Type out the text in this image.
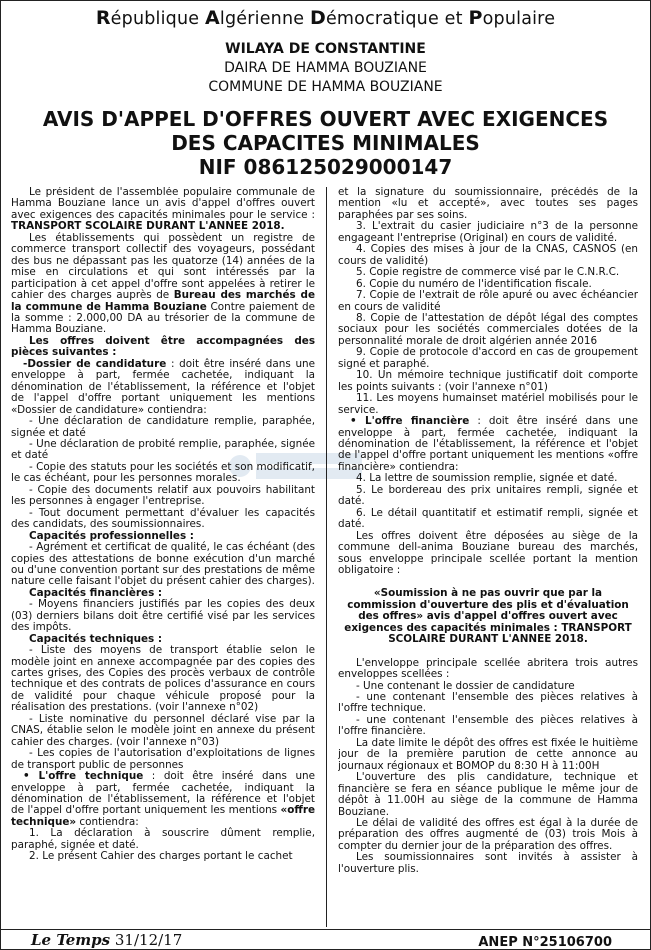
République Algérienne Démocratique et Populaire
WILAYA DE CONSTANTINE
DAIRA DE HAMMA BOUZIANE
COMMUNE DE HAMMA BOUZIANE
AVIS D'APPEL D'OFFRES OUVERT AVEC EXIGENCES
DES CAPACITES MINIMALES
NIF 086125029000147

Le président de l'assemblée populaire communale de Hamma Bouziane lance un avis d'appel d'offres ouvert avec exigences des capacités minimales pour le service : TRANSPORT SCOLAIRE DURANT L'ANNEE 2018.

Les établissements qui possèdent un registre de commerce transport collectif des voyageurs, possédant des bus ne dépassant pas les quatorze (14) années de la mise en circulations et qui sont intéressés par la participation à cet appel d'offre sont appelées à retirer le cahier des charges auprès de Bureau des marchés de la commune de Hamma Bouziane Contre paiement de la somme : 2.000,00 DA au trésorier de la commune de Hamma Bouziane.

Les offres doivent être accompagnées des pièces suivantes :

-Dossier de candidature : doit être inséré dans une enveloppe à part, fermée cachetée, indiquant la dénomination de l'établissement, la référence et l'objet de l'appel d'offre portant uniquement les mentions «Dossier de candidature» contiendra:

- Une déclaration de candidature remplie, paraphée, signée et daté

- Une déclaration de probité remplie, paraphée, signée et daté

- Copie des statuts pour les sociétés et son modificatif, le cas échéant, pour les personnes morales.

- Copie des documents relatif aux pouvoirs habilitant les personnes à engager l'entreprise.

- Tout document permettant d'évaluer les capacités des candidats, des soumissionnaires.

Capacités professionnelles :

- Agrément et certificat de qualité, le cas échéant (des copies des attestations de bonne exécution d'un marché ou d'une convention portant sur des prestations de même nature celle faisant l'objet du présent cahier des charges).

Capacités financières :

- Moyens financiers justifiés par les copies des deux (03) derniers bilans doit être certifié visé par les services des impôts.

Capacités techniques :

- Liste des moyens de transport établie selon le modèle joint en annexe accompagnée par des copies des cartes grises, des Copies des procès verbaux de contrôle technique et des contrats de polices d'assurance en cours de validité pour chaque véhicule proposé pour la réalisation des prestations. (voir l'annexe n°02)

- Liste nominative du personnel déclaré vise par la CNAS, établie selon le modèle joint en annexe du présent cahier des charges. (voir l'annexe n°03)

- Les copies de l'autorisation d'exploitations de lignes de transport public de personnes

• L'offre technique : doit être inséré dans une enveloppe à part, fermée cachetée, indiquant la dénomination de l'établissement, la référence et l'objet de l'appel d'offre portant uniquement les mentions «offre technique» contiendra:

1. La déclaration à souscrire dûment remplie, paraphé, signée et daté.

2. Le présent Cahier des charges portant le cachet

et la signature du soumissionnaire, précédés de la mention «lu et accepté», avec toutes ses pages paraphées par ses soins.

3. L'extrait du casier judiciaire n°3 de la personne engageant l'entreprise (Original) en cours de validité.

4. Copies des mises à jour de la CNAS, CASNOS (en cours de validité)

5. Copie registre de commerce visé par le C.N.R.C.

6. Copie du numéro de l'identification fiscale.

7. Copie de l'extrait de rôle apuré ou avec échéancier en cours de validité

8. Copie de l'attestation de dépôt légal des comptes sociaux pour les sociétés commerciales dotées de la personnalité morale de droit algérien année 2016

9. Copie de protocole d'accord en cas de groupement signé et paraphé.

10. Un mémoire technique justificatif doit comporte les points suivants : (voir l'annexe n°01)

11. Les moyens humainset matériel mobilisés pour le service.

• L'offre financière : doit être inséré dans une enveloppe à part, fermée cachetée, indiquant la dénomination de l'établissement, la référence et l'objet de l'appel d'offre portant uniquement les mentions «offre financière» contiendra:

4. La lettre de soumission remplie, signée et daté.

5. Le bordereau des prix unitaires rempli, signée et daté.

6. Le détail quantitatif et estimatif rempli, signée et daté.

Les offres doivent être déposées au siège de la commune dell-anima Bouziane bureau des marchés, sous enveloppe principale scellée portant la mention obligatoire :

«Soumission à ne pas ouvrir que par la commission d'ouverture des plis et d'évaluation des offres» avis d'appel d'offres ouvert avec exigences des capacités minimales : TRANSPORT SCOLAIRE DURANT L'ANNEE 2018.

L'enveloppe principale scellée abritera trois autres enveloppes scellées :

- Une contenant le dossier de candidature

- une contenant l'ensemble des pièces relatives à l'offre technique.

- une contenant l'ensemble des pièces relatives à l'offre financière.

La date limite le dépôt des offres est fixée le huitième jour de la première parution de cette annonce au journaux régionaux et BOMOP du 8:30 H à 11:00H

L'ouverture des plis candidature, technique et financière se fera en séance publique le même jour de dépôt à 11.00H au siège de la commune de Hamma Bouziane.

Le délai de validité des offres est égal à la durée de préparation des offres augmenté de (03) trois Mois à compter du dernier jour de la préparation des offres.

Les soumissionnaires sont invités à assister à l'ouverture plis.

Le Temps 31/12/17	ANEP N°25106700
